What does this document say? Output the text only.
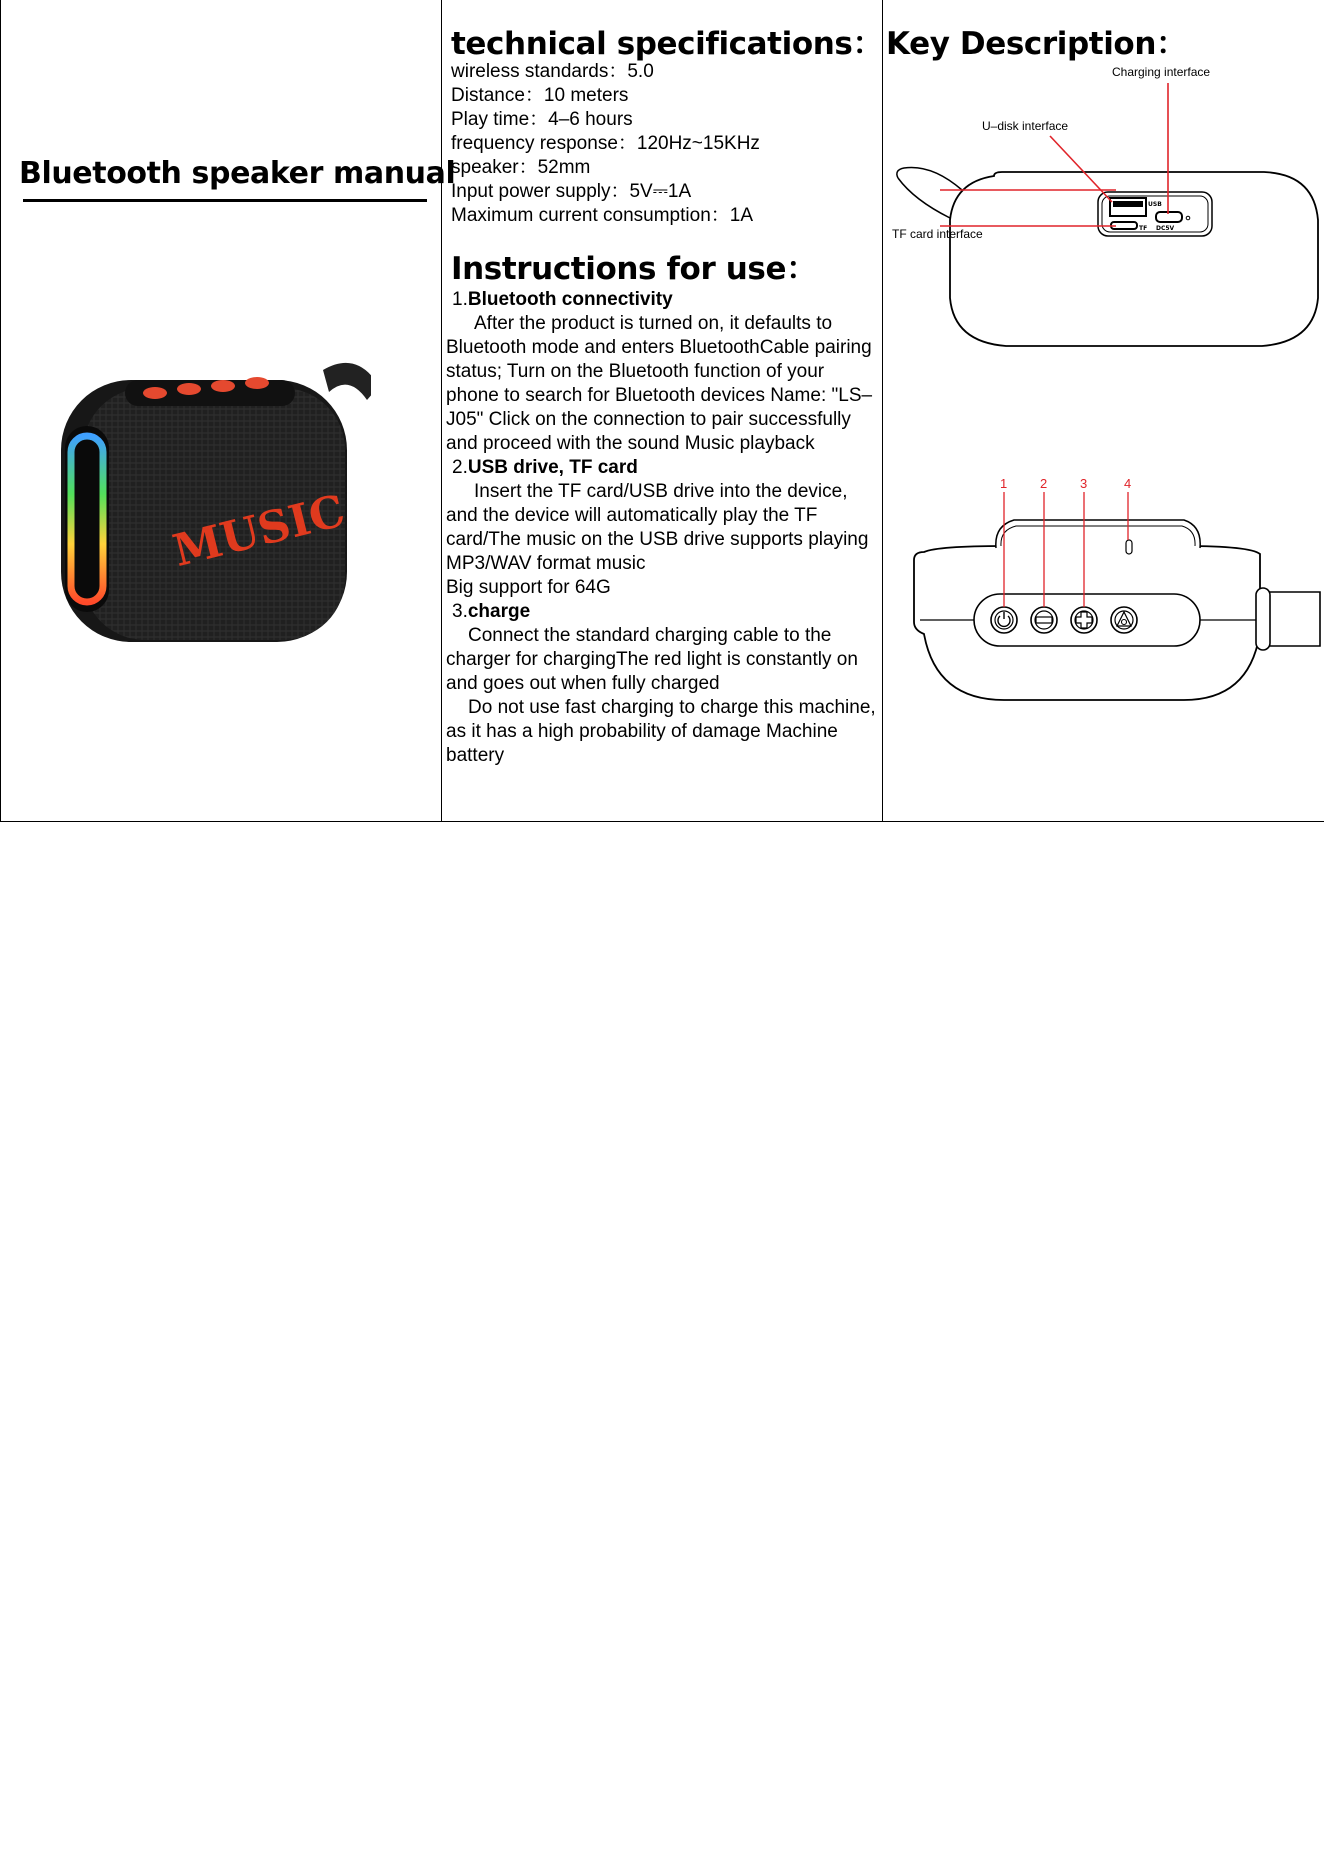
Bluetooth speaker manual
MUSIC
technical specifications：
wireless standards：5.0
Distance：10 meters
Play time：4–6 hours
frequency response：120Hz~15KHz
speaker：52mm
Input power supply：5V⎓1A
Maximum current consumption：1A
Instructions for use：

1.Bluetooth connectivity

After the product is turned on, it defaults to Bluetooth mode and enters BluetoothCable pairing status; Turn on the Bluetooth function of your phone to search for Bluetooth devices Name: "LS–J05" Click on the connection to pair successfully and proceed with the sound Music playback

2.USB drive, TF card

Insert the TF card/USB drive into the device, and the device will automatically play the TF card/The music on the USB drive supports playing MP3/WAV format music

Big support for 64G

3.charge

Connect the standard charging cable to the charger for chargingThe red light is constantly on and goes out when fully charged

Do not use fast charging to charge this machine, as it has a high probability of damage Machine battery

Key Description：
USB
TF DC5V
Charging interface
U–disk interface
TF card interface
1	2	3	4
